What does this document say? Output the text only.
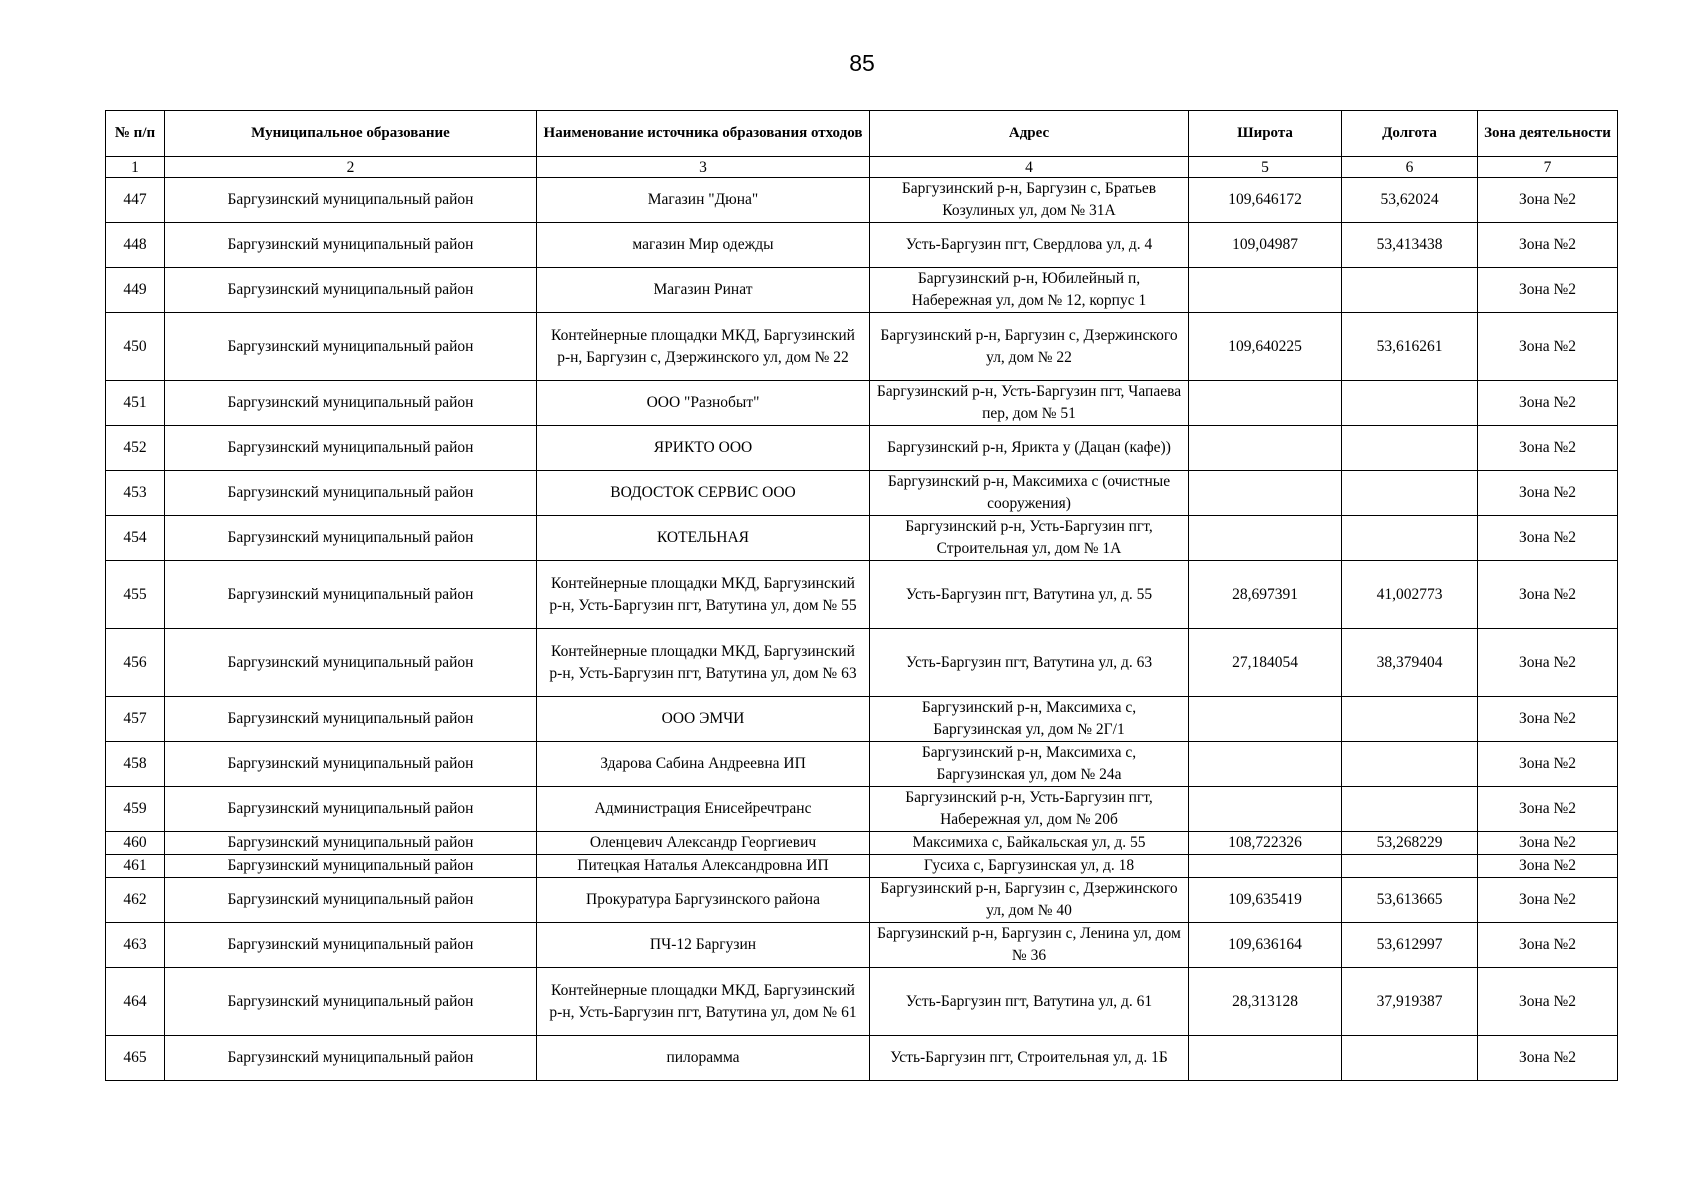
85
№ п/п	Муниципальное образование	Наименование источника образования отходов	Адрес	Широта	Долгота	Зона деятельности
1	2	3	4	5	6	7
447	Баргузинский муниципальный район	Магазин "Дюна"	Баргузинский р-н, Баргузин с, Братьев Козулиных ул, дом № 31А	109,646172	53,62024	Зона №2
448	Баргузинский муниципальный район	магазин Мир одежды	Усть-Баргузин пгт, Свердлова ул, д. 4	109,04987	53,413438	Зона №2
449	Баргузинский муниципальный район	Магазин Ринат	Баргузинский р-н, Юбилейный п, Набережная ул, дом № 12, корпус 1			Зона №2
450	Баргузинский муниципальный район	Контейнерные площадки МКД, Баргузинский р-н, Баргузин с, Дзержинского ул, дом № 22	Баргузинский р-н, Баргузин с, Дзержинского ул, дом № 22	109,640225	53,616261	Зона №2
451	Баргузинский муниципальный район	ООО "Разнобыт"	Баргузинский р-н, Усть-Баргузин пгт, Чапаева пер, дом № 51			Зона №2
452	Баргузинский муниципальный район	ЯРИКТО ООО	Баргузинский р-н, Ярикта у (Дацан (кафе))			Зона №2
453	Баргузинский муниципальный район	ВОДОСТОК СЕРВИС ООО	Баргузинский р-н, Максимиха с (очистные сооружения)			Зона №2
454	Баргузинский муниципальный район	КОТЕЛЬНАЯ	Баргузинский р-н, Усть-Баргузин пгт, Строительная ул, дом № 1А			Зона №2
455	Баргузинский муниципальный район	Контейнерные площадки МКД, Баргузинский р-н, Усть-Баргузин пгт, Ватутина ул, дом № 55	Усть-Баргузин пгт, Ватутина ул, д. 55	28,697391	41,002773	Зона №2
456	Баргузинский муниципальный район	Контейнерные площадки МКД, Баргузинский р-н, Усть-Баргузин пгт, Ватутина ул, дом № 63	Усть-Баргузин пгт, Ватутина ул, д. 63	27,184054	38,379404	Зона №2
457	Баргузинский муниципальный район	ООО ЭМЧИ	Баргузинский р-н, Максимиха с, Баргузинская ул, дом № 2Г/1			Зона №2
458	Баргузинский муниципальный район	Здарова Сабина Андреевна ИП	Баргузинский р-н, Максимиха с, Баргузинская ул, дом № 24а			Зона №2
459	Баргузинский муниципальный район	Администрация Енисейречтранс	Баргузинский р-н, Усть-Баргузин пгт, Набережная ул, дом № 20б			Зона №2
460	Баргузинский муниципальный район	Оленцевич Александр Георгиевич	Максимиха с, Байкальская ул, д. 55	108,722326	53,268229	Зона №2
461	Баргузинский муниципальный район	Питецкая Наталья Александровна ИП	Гусиха с, Баргузинская ул, д. 18			Зона №2
462	Баргузинский муниципальный район	Прокуратура Баргузинского района	Баргузинский р-н, Баргузин с, Дзержинского ул, дом № 40	109,635419	53,613665	Зона №2
463	Баргузинский муниципальный район	ПЧ-12 Баргузин	Баргузинский р-н, Баргузин с, Ленина ул, дом № 36	109,636164	53,612997	Зона №2
464	Баргузинский муниципальный район	Контейнерные площадки МКД, Баргузинский р-н, Усть-Баргузин пгт, Ватутина ул, дом № 61	Усть-Баргузин пгт, Ватутина ул, д. 61	28,313128	37,919387	Зона №2
465	Баргузинский муниципальный район	пилорамма	Усть-Баргузин пгт, Строительная ул, д. 1Б			Зона №2
